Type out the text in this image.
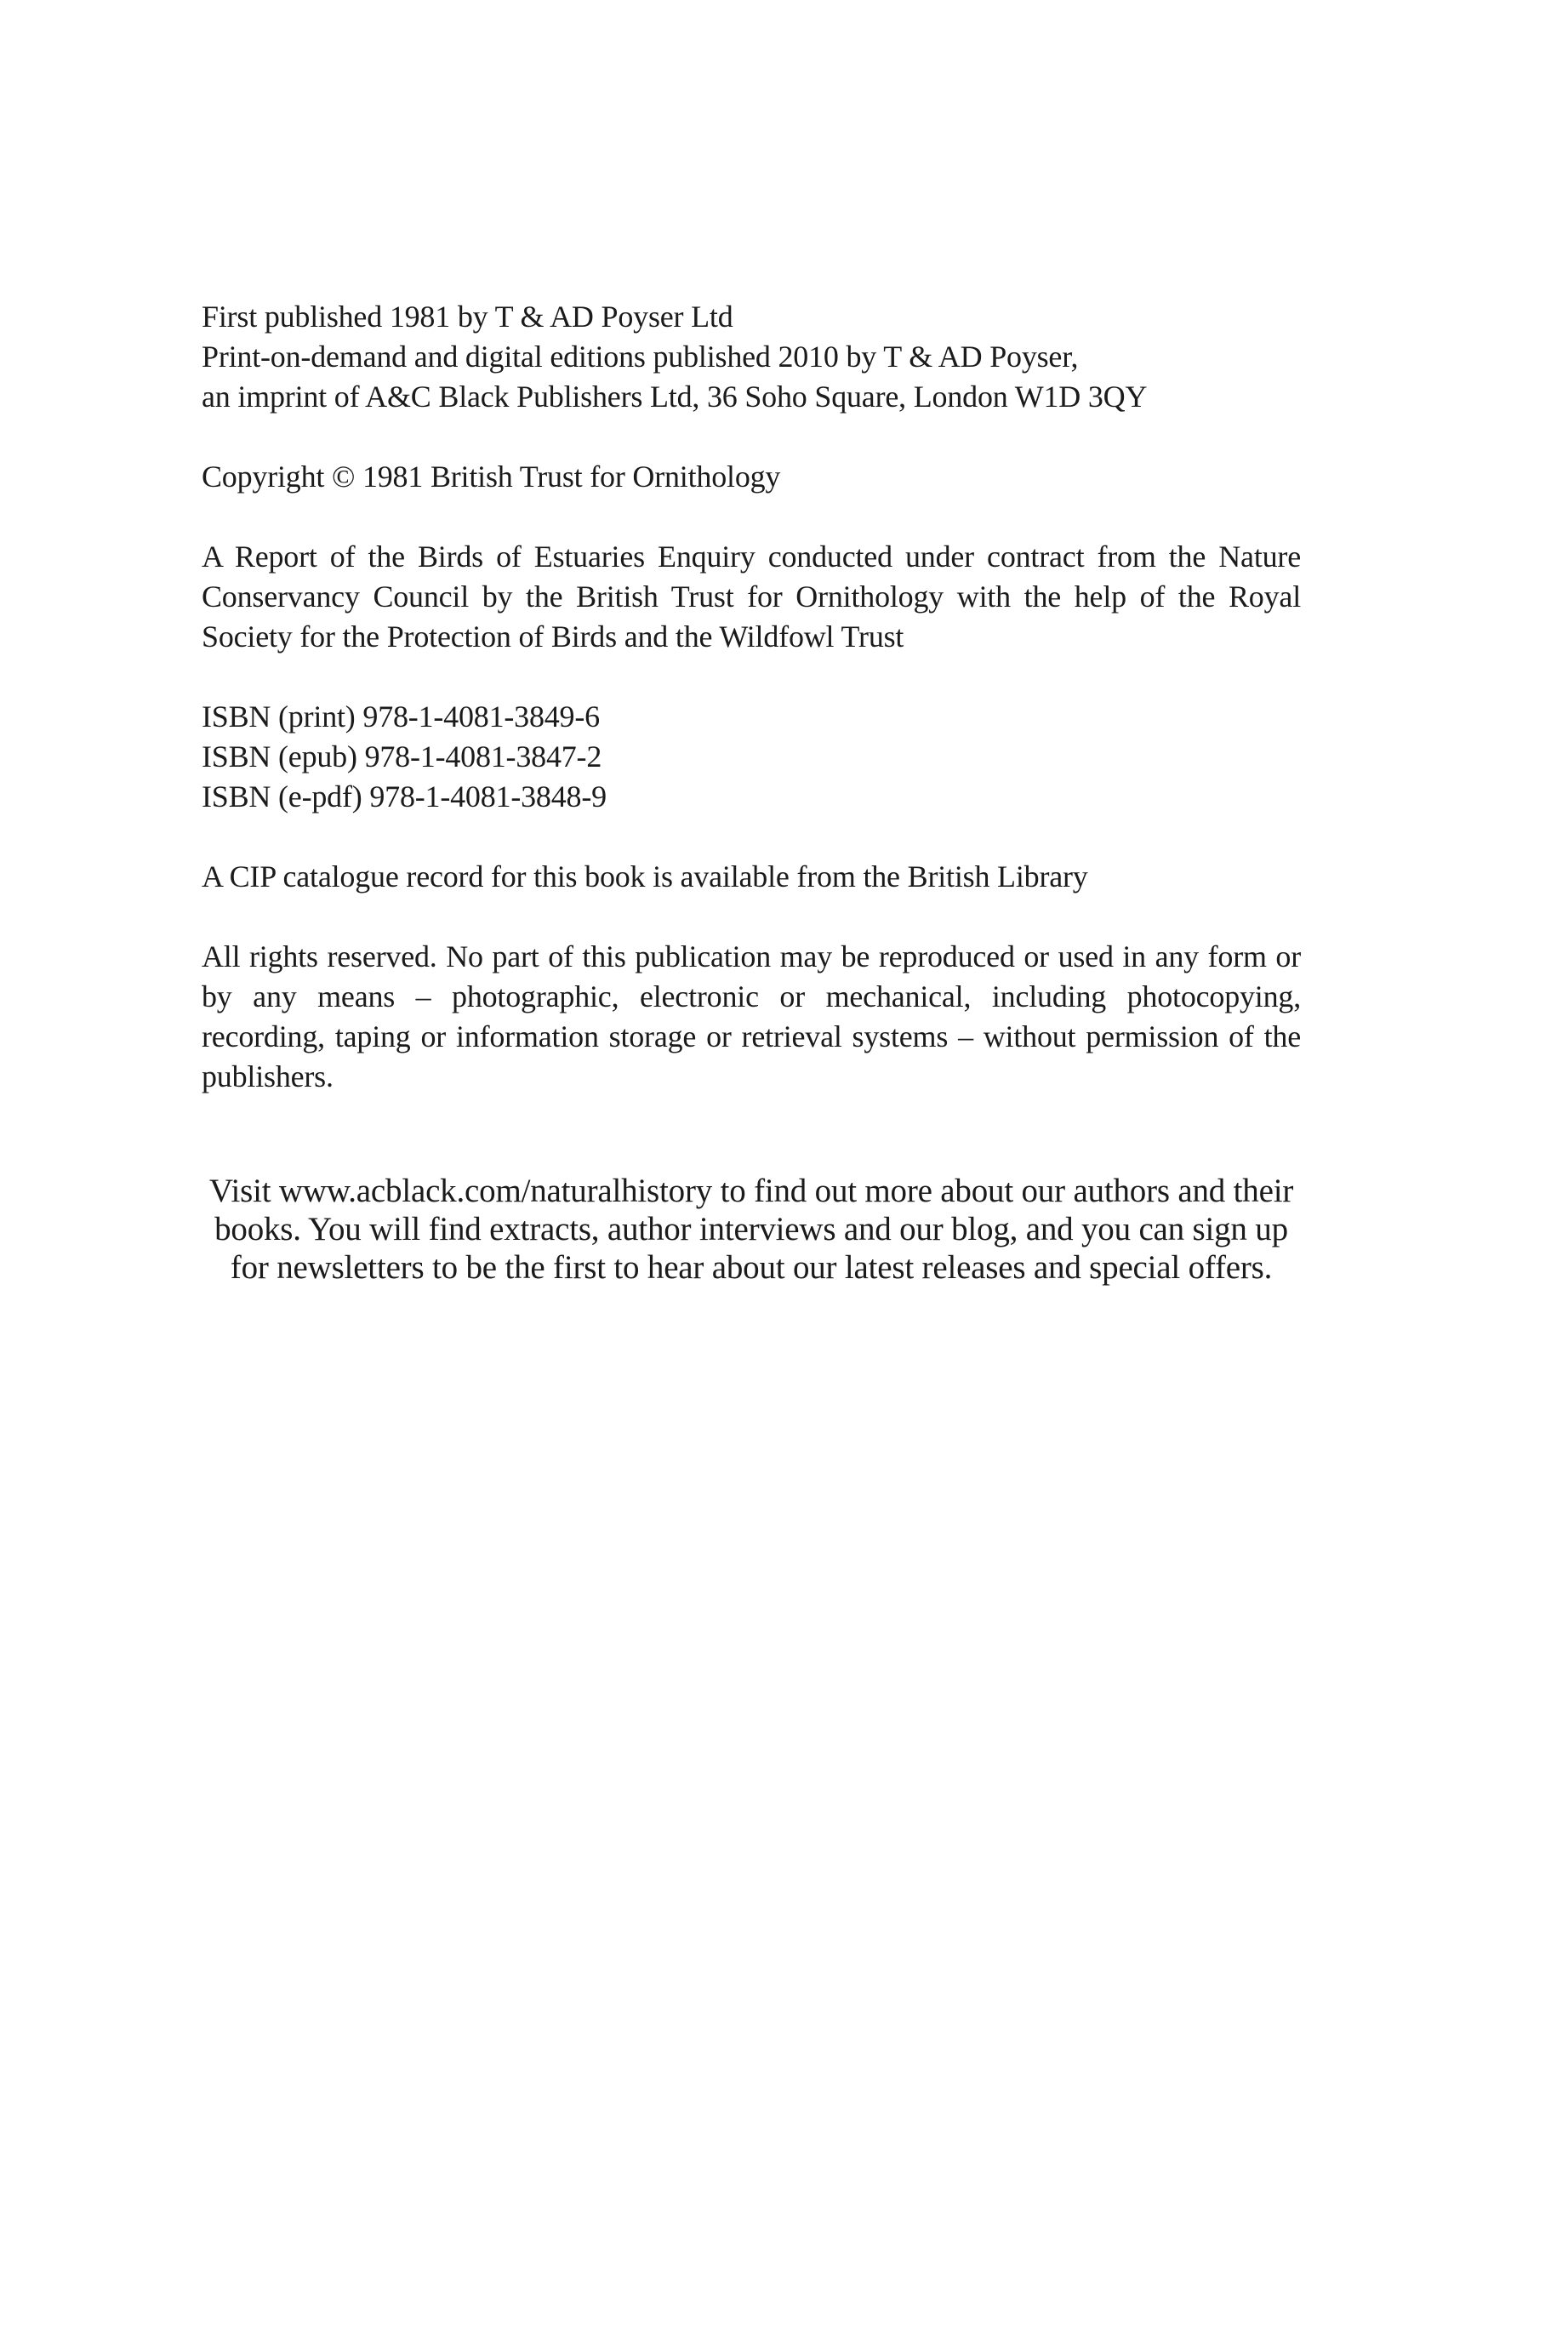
First published 1981 by T & AD Poyser Ltd
Print-on-demand and digital editions published 2010 by T & AD Poyser,
an imprint of A&C Black Publishers Ltd, 36 Soho Square, London W1D 3QY

Copyright © 1981 British Trust for Ornithology

A Report of the Birds of Estuaries Enquiry conducted under contract from the Nature Conservancy Council by the British Trust for Ornithology with the help of the Royal Society for the Protection of Birds and the Wildfowl Trust

ISBN (print) 978-1-4081-3849-6
ISBN (epub) 978-1-4081-3847-2
ISBN (e-pdf) 978-1-4081-3848-9

A CIP catalogue record for this book is available from the British Library

All rights reserved. No part of this publication may be reproduced or used in any form or by any means – photographic, electronic or mechanical, including photocopying, recording, taping or information storage or retrieval systems – without permission of the publishers.

Visit www.acblack.com/naturalhistory to find out more about our authors and their books. You will find extracts, author interviews and our blog, and you can sign up for newsletters to be the first to hear about our latest releases and special offers.
